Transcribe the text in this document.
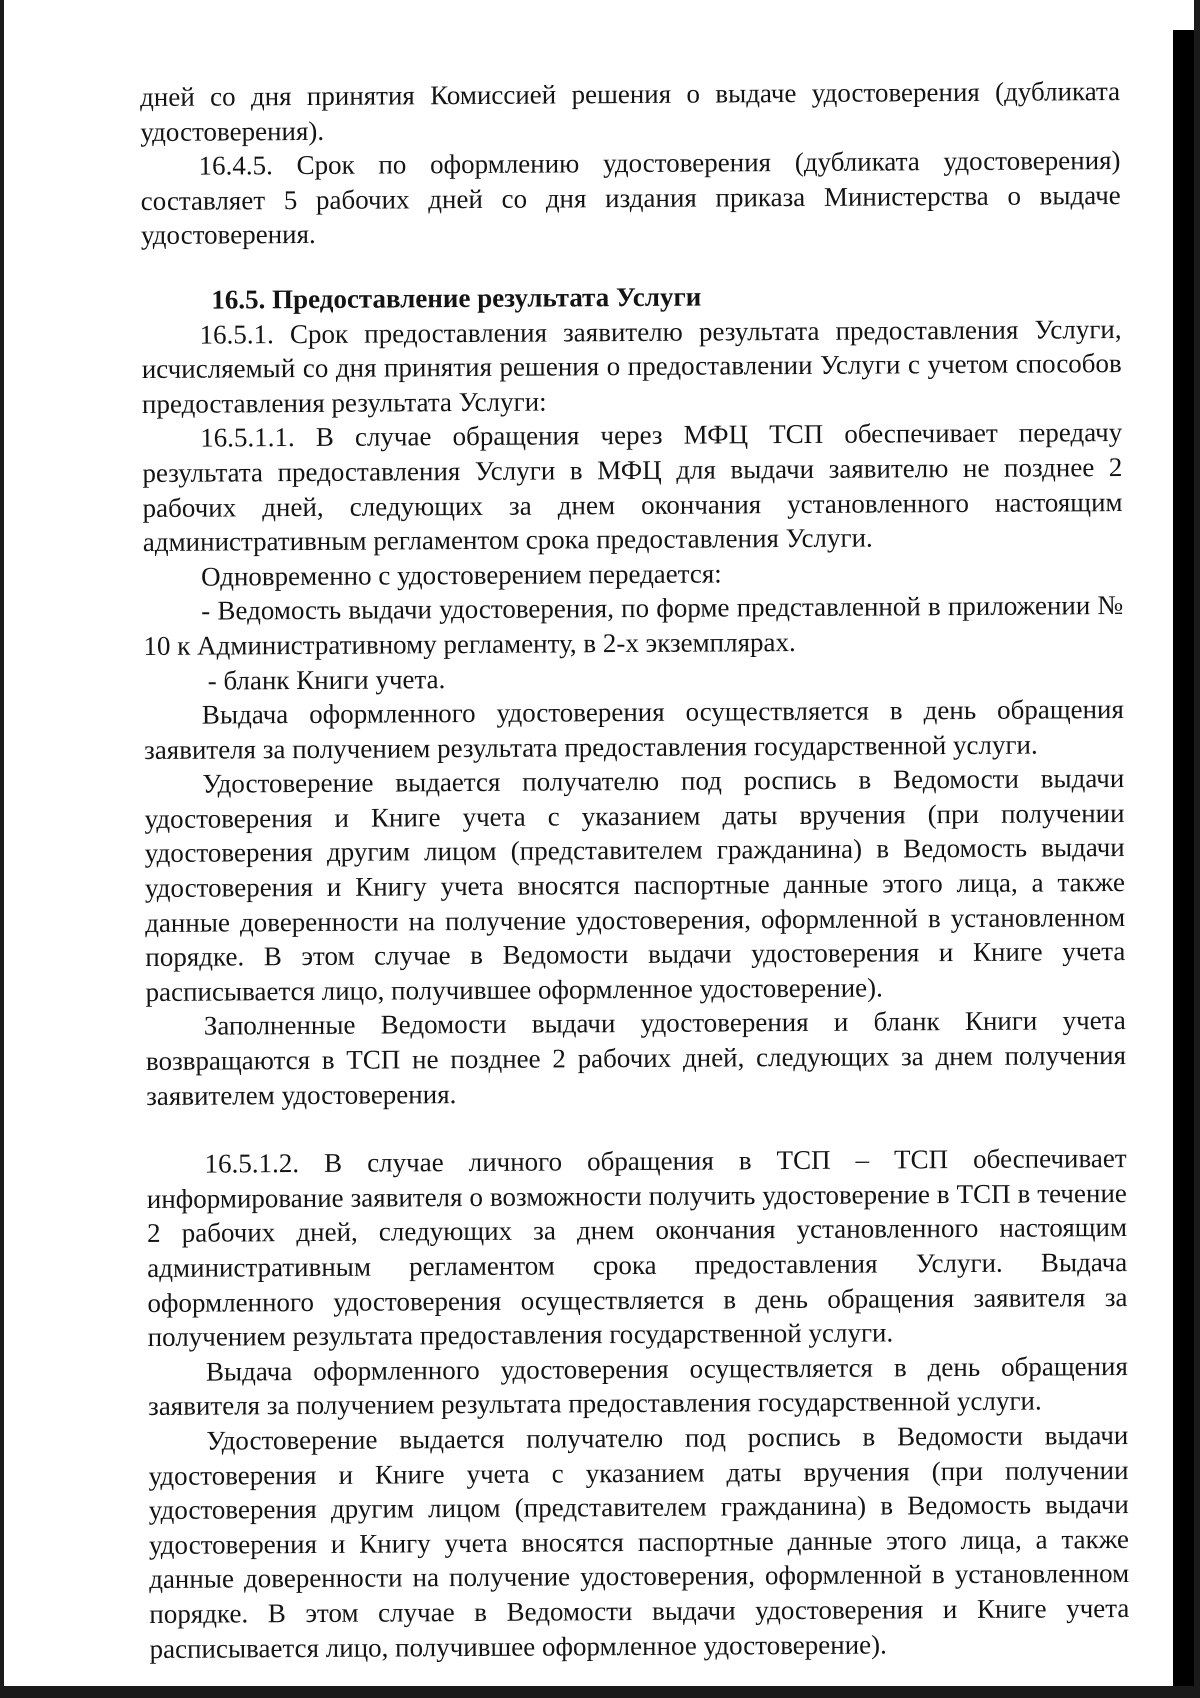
дней со дня принятия Комиссией решения о выдаче удостоверения (дубликата удостоверения).

16.4.5. Срок по оформлению удостоверения (дубликата удостоверения) составляет 5 рабочих дней со дня издания приказа Министерства о выдаче удостоверения.

16.5. Предоставление результата Услуги

16.5.1. Срок предоставления заявителю результата предоставления Услуги, исчисляемый со дня принятия решения о предоставлении Услуги с учетом способов предоставления результата Услуги:

16.5.1.1. В случае обращения через МФЦ ТСП обеспечивает передачу результата предоставления Услуги в МФЦ для выдачи заявителю не позднее 2 рабочих дней, следующих за днем окончания установленного настоящим административным регламентом срока предоставления Услуги.

Одновременно с удостоверением передается:

- Ведомость выдачи удостоверения, по форме представленной в приложении № 10 к Административному регламенту, в 2-х экземплярах.

- бланк Книги учета.

Выдача оформленного удостоверения осуществляется в день обращения заявителя за получением результата предоставления государственной услуги.

Удостоверение выдается получателю под роспись в Ведомости выдачи удостоверения и Книге учета с указанием даты вручения (при получении удостоверения другим лицом (представителем гражданина) в Ведомость выдачи удостоверения и Книгу учета вносятся паспортные данные этого лица, а также данные доверенности на получение удостоверения, оформленной в установленном порядке. В этом случае в Ведомости выдачи удостоверения и Книге учета расписывается лицо, получившее оформленное удостоверение).

Заполненные Ведомости выдачи удостоверения и бланк Книги учета возвращаются в ТСП не позднее 2 рабочих дней, следующих за днем получения заявителем удостоверения.

16.5.1.2. В случае личного обращения в ТСП – ТСП обеспечивает информирование заявителя о возможности получить удостоверение в ТСП в течение 2 рабочих дней, следующих за днем окончания установленного настоящим административным регламентом срока предоставления Услуги. Выдача оформленного удостоверения осуществляется в день обращения заявителя за получением результата предоставления государственной услуги.

Выдача оформленного удостоверения осуществляется в день обращения заявителя за получением результата предоставления государственной услуги.

Удостоверение выдается получателю под роспись в Ведомости выдачи удостоверения и Книге учета с указанием даты вручения (при получении удостоверения другим лицом (представителем гражданина) в Ведомость выдачи удостоверения и Книгу учета вносятся паспортные данные этого лица, а также данные доверенности на получение удостоверения, оформленной в установленном порядке. В этом случае в Ведомости выдачи удостоверения и Книге учета расписывается лицо, получившее оформленное удостоверение).
